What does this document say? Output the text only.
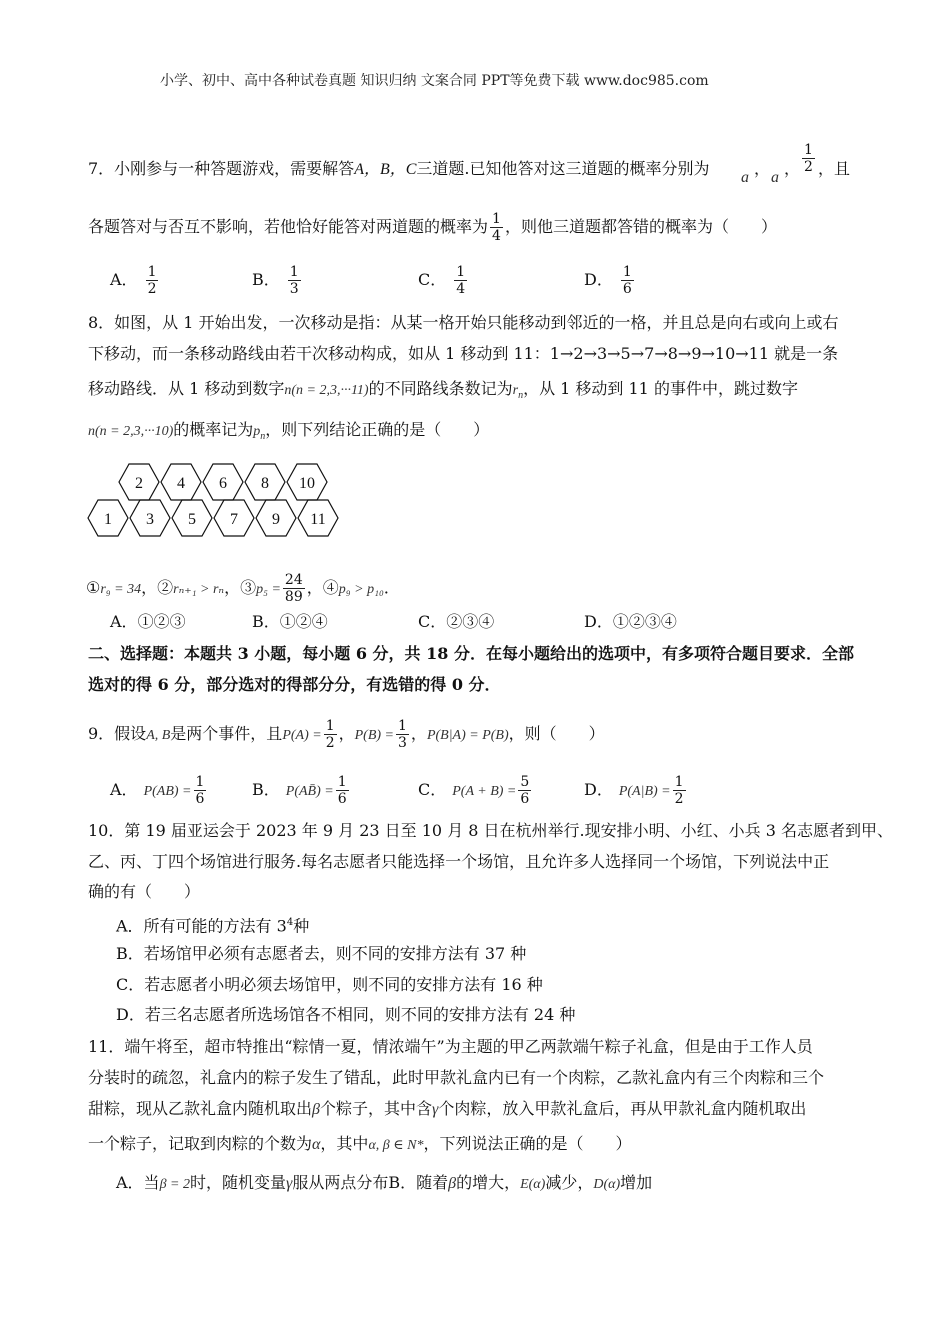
小学、初中、高中各种试卷真题 知识归纳 文案合同 PPT等免费下载 www.doc985.com
7．小刚参与一种答题游戏，需要解答A，B，C三道题.已知他答对这三道题的概率分别为 a ， a ， $\frac{1}{2}$ ，且
各题答对与否互不影响，若他恰好能答对两道题的概率为 $\frac{1}{4}$ ，则他三道题都答错的概率为（　　）
A． $\frac{1}{2}$	B． $\frac{1}{3}$	C． $\frac{1}{4}$	D． $\frac{1}{6}$
8．如图，从 1 开始出发，一次移动是指：从某一格开始只能移动到邻近的一格，并且总是向右或向上或右
下移动，而一条移动路线由若干次移动构成，如从 1 移动到 11：1→2→3→5→7→8→9→10→11 就是一条
移动路线．从 1 移动到数字n(n = 2,3,···11)的不同路线条数记为$r_n$，从 1 移动到 11 的事件中，跳过数字
n(n = 2,3,···10)的概率记为$p_n$，则下列结论正确的是（　　）
2 4 6 8 10
1 3 5 7 9 11
①r₉ = 34，②rₙ₊₁ > rₙ，③p₅ = $\frac{24}{89}$ ，④p₉ > p₁₀．
A．①②③	B．①②④	C．②③④	D．①②③④
二、选择题：本题共 3 小题，每小题 6 分，共 18 分．在每小题给出的选项中，有多项符合题目要求．全部
选对的得 6 分，部分选对的得部分分，有选错的得 0 分．
9．假设A, B是两个事件，且$P(A) = \frac{1}{2}$ ，$P(B) = \frac{1}{3}$ ，P(B|A) = P(B)，则（　　）
A． $P(AB) = \frac{1}{6}$	B． P(AB̄) = $\frac{1}{6}$	C． $P(A + B) = \frac{5}{6}$	D． $P(A|B) = \frac{1}{2}$
10．第 19 届亚运会于 2023 年 9 月 23 日至 10 月 8 日在杭州举行.现安排小明、小红、小兵 3 名志愿者到甲、
乙、丙、丁四个场馆进行服务.每名志愿者只能选择一个场馆，且允许多人选择同一个场馆，下列说法中正
确的有（　　）
A．所有可能的方法有 $3^4$种
B．若场馆甲必须有志愿者去，则不同的安排方法有 37 种
C．若志愿者小明必须去场馆甲，则不同的安排方法有 16 种
D．若三名志愿者所选场馆各不相同，则不同的安排方法有 24 种
11．端午将至，超市特推出“粽情一夏，情浓端午”为主题的甲乙两款端午粽子礼盒，但是由于工作人员
分装时的疏忽，礼盒内的粽子发生了错乱，此时甲款礼盒内已有一个肉粽，乙款礼盒内有三个肉粽和三个
甜粽，现从乙款礼盒内随机取出β个粽子，其中含γ个肉粽，放入甲款礼盒后，再从甲款礼盒内随机取出
一个粽子，记取到肉粽的个数为α，其中α, β ∈ N*，下列说法正确的是（　　）
A．当β = 2时，随机变量γ服从两点分布B．随着β的增大，E(α)减少，D(α)增加
